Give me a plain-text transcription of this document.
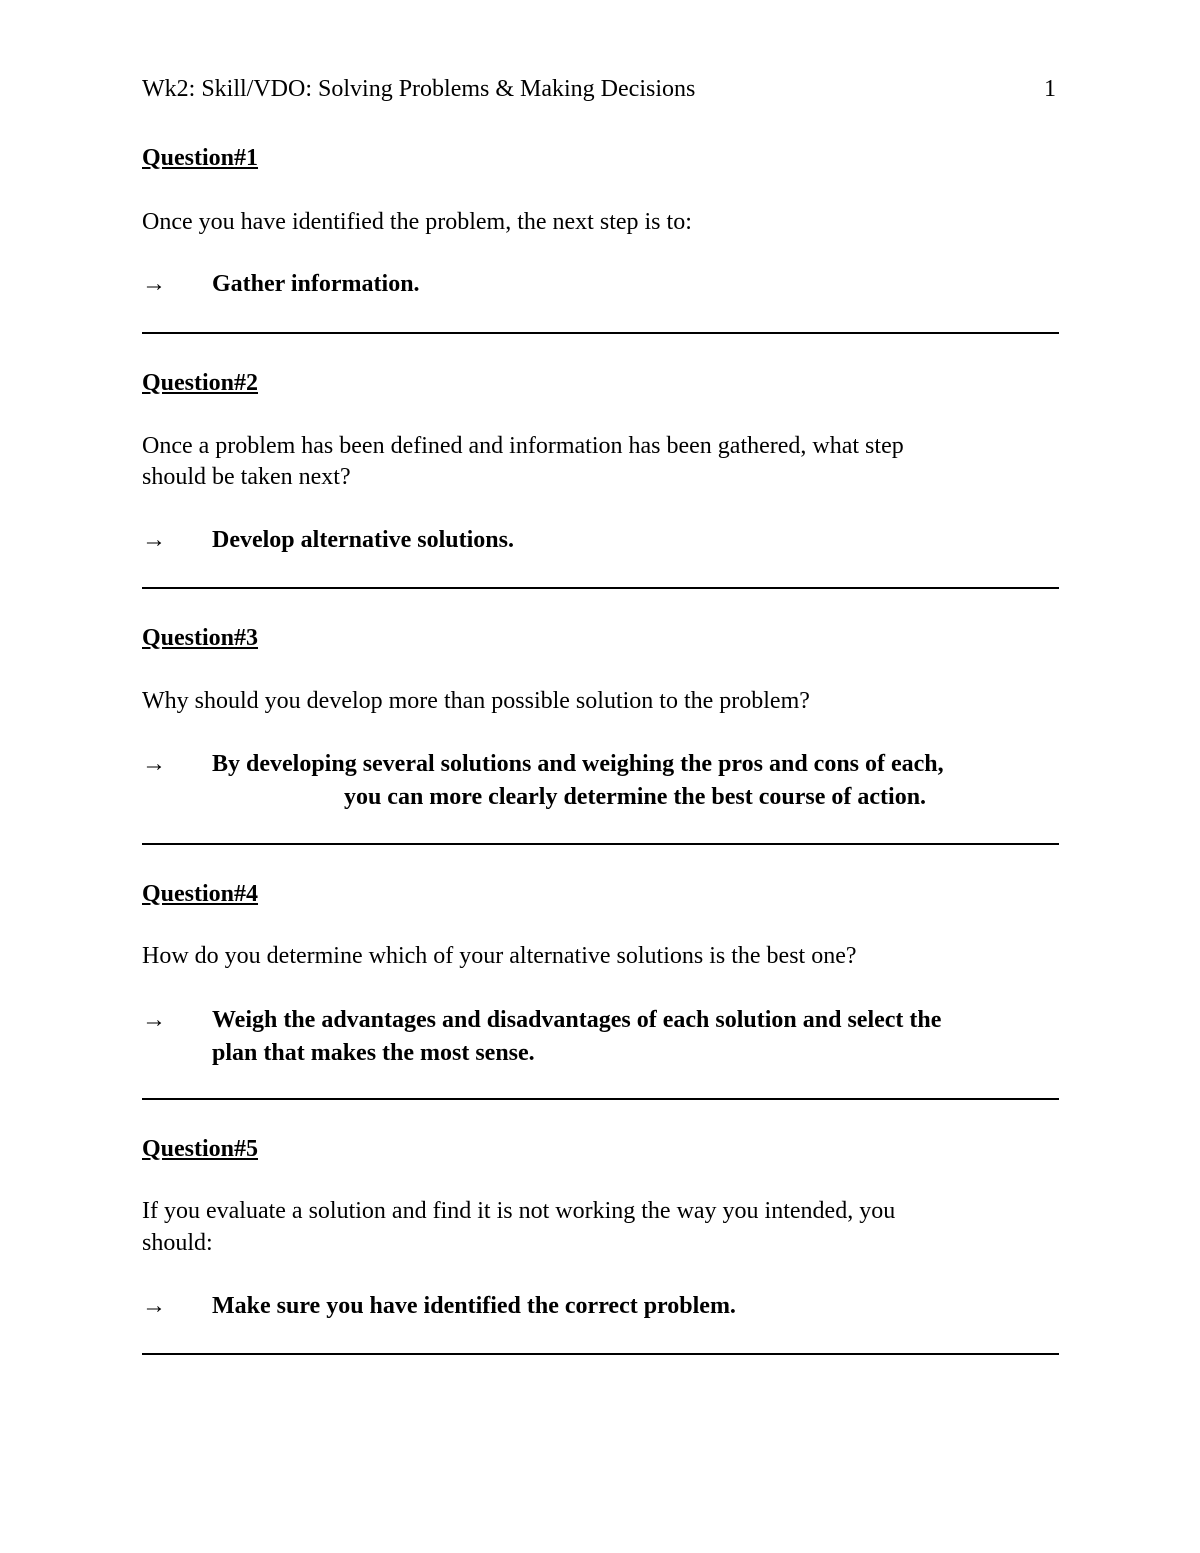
Wk2: Skill/VDO: Solving Problems & Making Decisions	1
Question#1
Once you have identified the problem, the next step is to:
→ Gather information.
Question#2
Once a problem has been defined and information has been gathered, what step
should be taken next?
→ Develop alternative solutions.
Question#3
Why should you develop more than possible solution to the problem?
→ By developing several solutions and weighing the pros and cons of each,
you can more clearly determine the best course of action.
Question#4
How do you determine which of your alternative solutions is the best one?
→ Weigh the advantages and disadvantages of each solution and select the
plan that makes the most sense.
Question#5
If you evaluate a solution and find it is not working the way you intended, you
should:
→ Make sure you have identified the correct problem.
